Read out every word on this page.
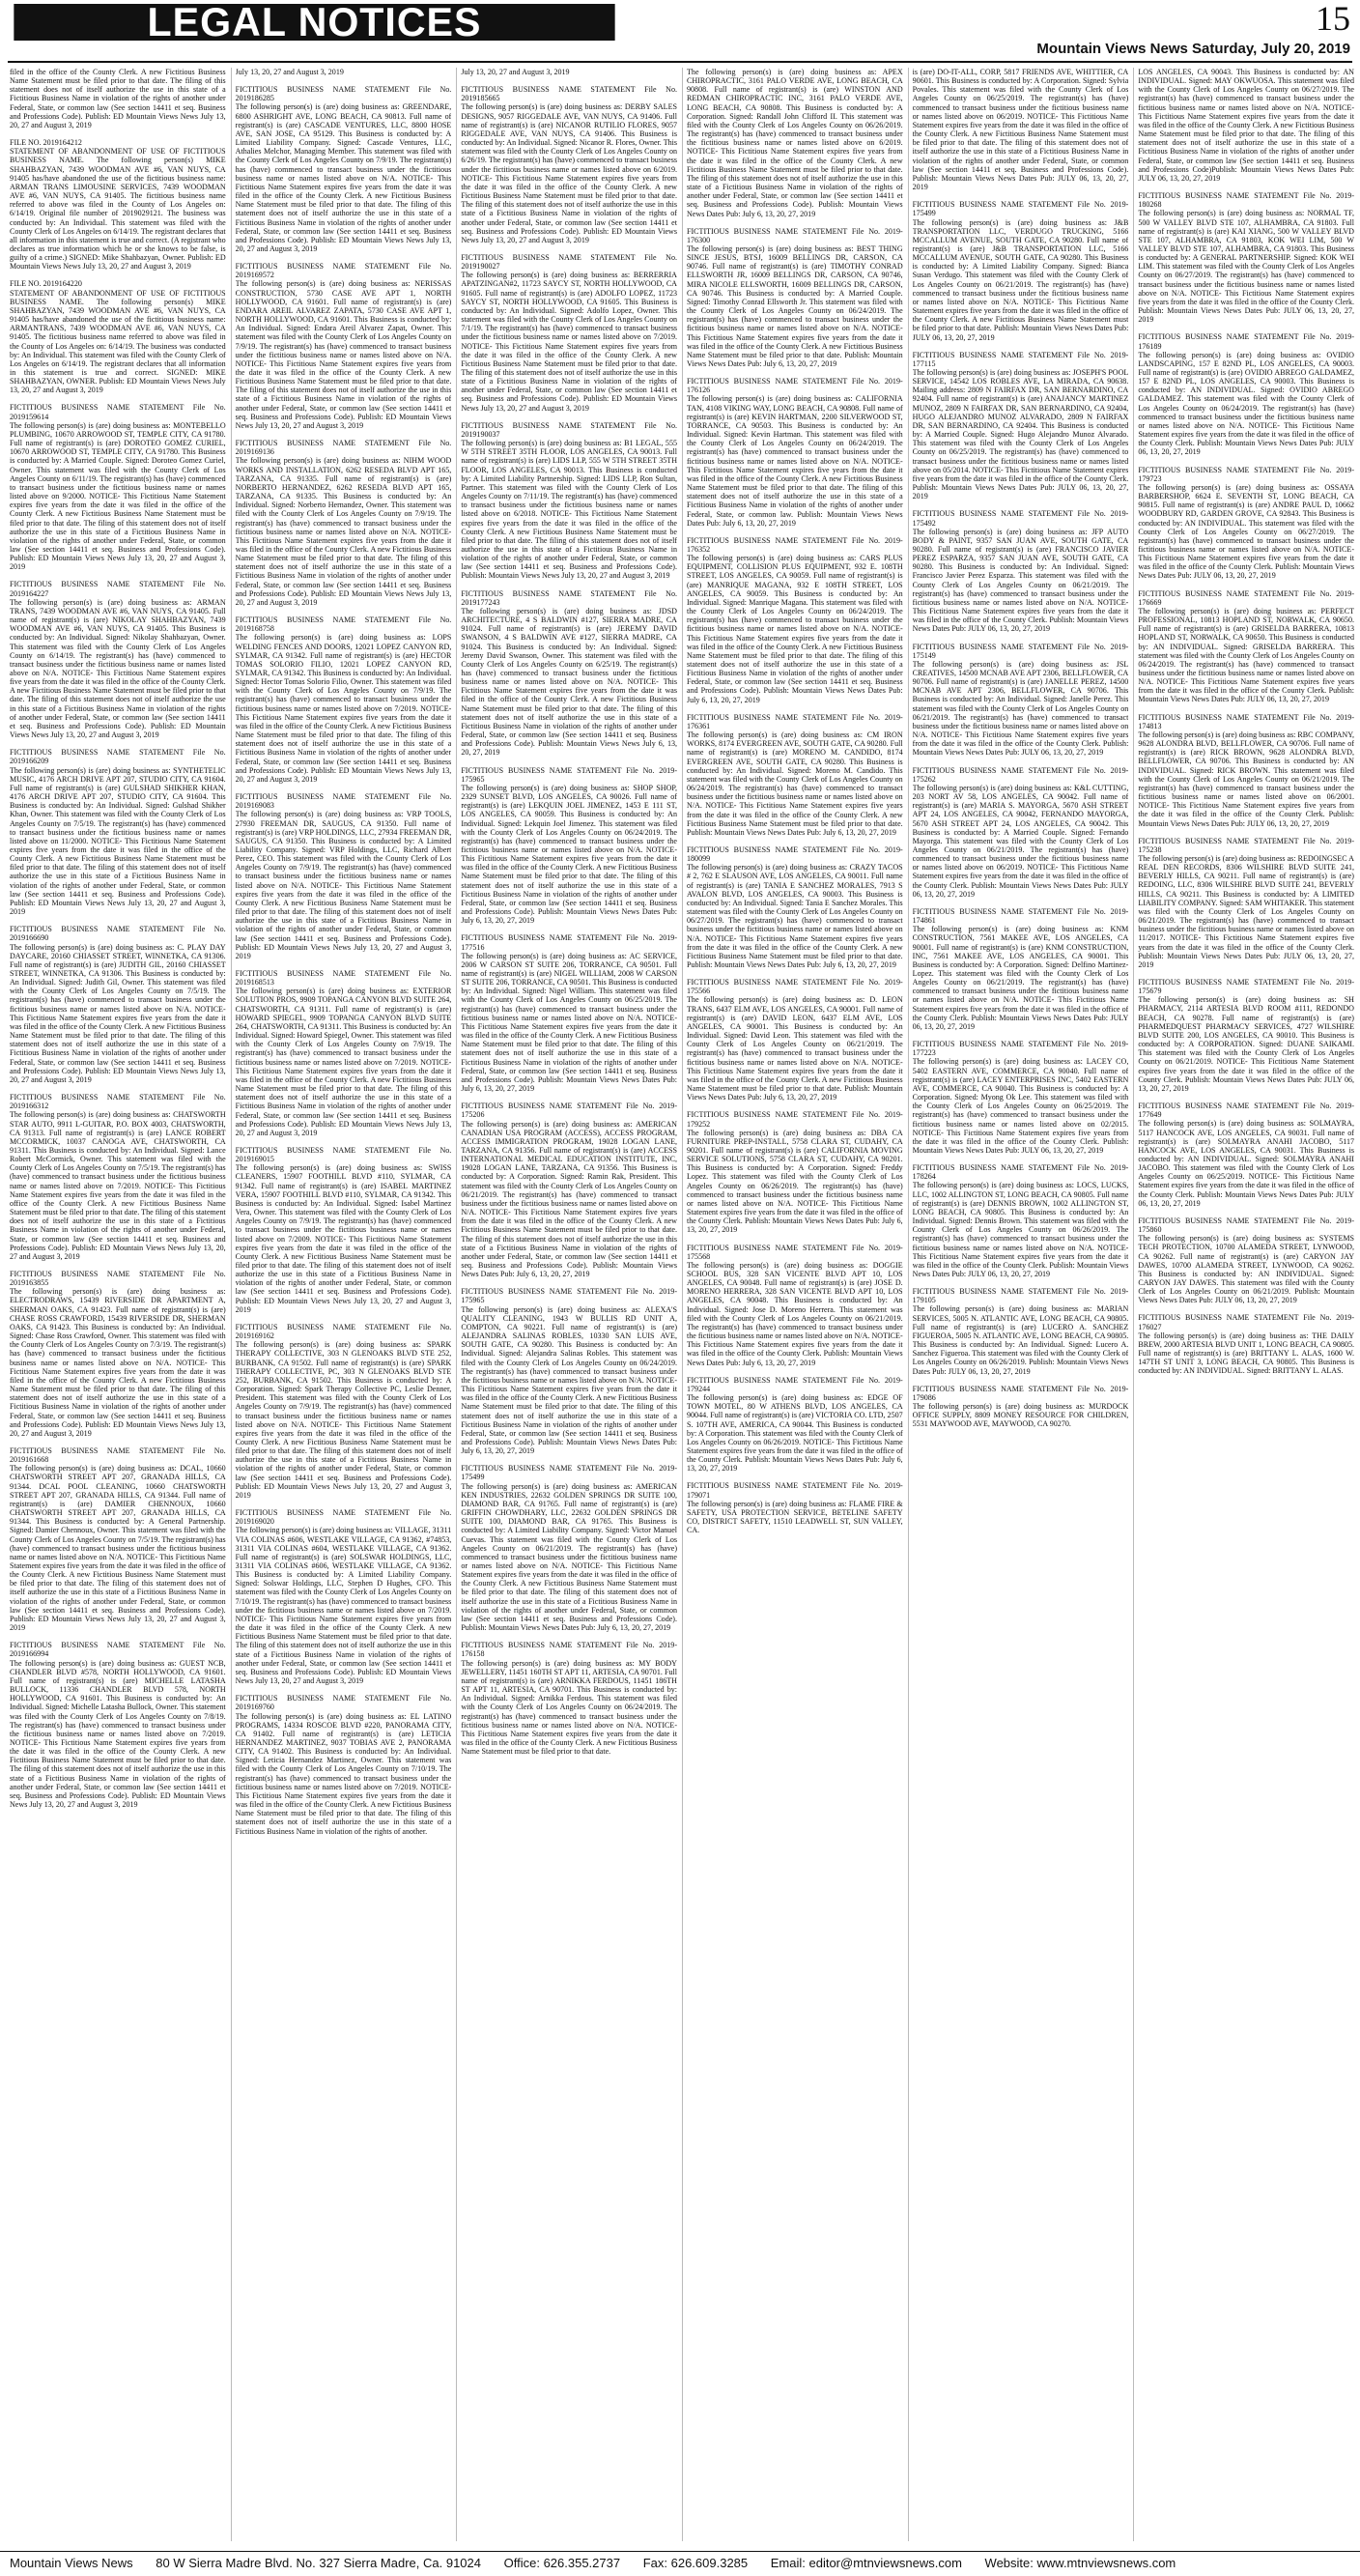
LEGAL NOTICES	15
Mountain Views News Saturday, July 20, 2019

filed in the office of the County Clerk. A new Fictitious Business Name Statement must be filed prior to that date. The filing of this statement does not of itself authorize the use in this state of a Fictitious Business Name in violation of the rights of another under Federal, State, or common law (See section 14411 et seq. Business and Professions Code). Publish: ED Mountain Views News July 13, 20, 27 and August 3, 2019

FILE NO. 2019164212

STATEMENT OF ABANDONMENT OF USE OF FICTITIOUS BUSINESS NAME. The following person(s) MIKE SHAHBAZYAN, 7439 WOODMAN AVE #6, VAN NUYS, CA 91405 has/have abandoned the use of the fictitious business name: ARMAN TRANS LIMOUSINE SERVICES, 7439 WOODMAN AVE #6, VAN NUYS, CA 91405. The fictitious business name referred to above was filed in the County of Los Angeles on: 6/14/19. Original file number of 2019029121. The business was conducted by: An Individual. This statement was filed with the County Clerk of Los Angeles on 6/14/19. The registrant declares that all information in this statement is true and correct. (A registrant who declares as true information which he or she knows to be false, is guilty of a crime.) SIGNED: Mike Shahbazyan, Owner. Publish: ED Mountain Views News July 13, 20, 27 and August 3, 2019

FILE NO. 2019164220

STATEMENT OF ABANDONMENT OF USE OF FICTITIOUS BUSINESS NAME. The following person(s) MIKE SHAHBAZYAN, 7439 WOODMAN AVE #6, VAN NUYS, CA 91405 has/have abandoned the use of the fictitious business name: ARMANTRANS, 7439 WOODMAN AVE #6, VAN NUYS, CA 91405. The fictitious business name referred to above was filed in the County of Los Angeles on: 6/14/19. The business was conducted by: An Individual. This statement was filed with the County Clerk of Los Angeles on 6/14/19. The registrant declares that all information in this statement is true and correct. SIGNED: MIKE SHAHBAZYAN, OWNER. Publish: ED Mountain Views News July 13, 20, 27 and August 3, 2019

FICTITIOUS BUSINESS NAME STATEMENT File No. 2019159614

The following person(s) is (are) doing business as: MONTEBELLO PLUMBING, 10670 ARROWOOD ST, TEMPLE CITY, CA 91780. Full name of registrant(s) is (are) DOROTEO GOMEZ CURIEL, 10670 ARROWOOD ST, TEMPLE CITY, CA 91780. This Business is conducted by: A Married Couple. Signed: Doroteo Gomez Curiel, Owner. This statement was filed with the County Clerk of Los Angeles County on 6/11/19. The registrant(s) has (have) commenced to transact business under the fictitious business name or names listed above on 9/2000. NOTICE- This Fictitious Name Statement expires five years from the date it was filed in the office of the County Clerk. A new Fictitious Business Name Statement must be filed prior to that date. The filing of this statement does not of itself authorize the use in this state of a Fictitious Business Name in violation of the rights of another under Federal, State, or common law (See section 14411 et seq. Business and Professions Code). Publish: ED Mountain Views News July 13, 20, 27 and August 3, 2019

FICTITIOUS BUSINESS NAME STATEMENT File No. 2019164227

The following person(s) is (are) doing business as: ARMAN TRANS, 7439 WOODMAN AVE #6, VAN NUYS, CA 91405. Full name of registrant(s) is (are) NIKOLAY SHAHBAZYAN, 7439 WOODMAN AVE #6, VAN NUYS, CA 91405. This Business is conducted by: An Individual. Signed: Nikolay Shahbazyan, Owner. This statement was filed with the County Clerk of Los Angeles County on 6/14/19. The registrant(s) has (have) commenced to transact business under the fictitious business name or names listed above on N/A. NOTICE- This Fictitious Name Statement expires five years from the date it was filed in the office of the County Clerk. A new Fictitious Business Name Statement must be filed prior to that date. The filing of this statement does not of itself authorize the use in this state of a Fictitious Business Name in violation of the rights of another under Federal, State, or common law (See section 14411 et seq. Business and Professions Code). Publish: ED Mountain Views News July 13, 20, 27 and August 3, 2019

FICTITIOUS BUSINESS NAME STATEMENT File No. 2019166209

The following person(s) is (are) doing business as: SYNTHETELIC MUSIC, 4176 ARCH DRIVE APT 207, STUDIO CITY, CA 91604. Full name of registrant(s) is (are) GULSHAD SHIKHER KHAN, 4176 ARCH DRIVE APT 207, STUDIO CITY, CA 91604. This Business is conducted by: An Individual. Signed: Gulshad Shikher Khan, Owner. This statement was filed with the County Clerk of Los Angeles County on 7/5/19. The registrant(s) has (have) commenced to transact business under the fictitious business name or names listed above on 11/2000. NOTICE- This Fictitious Name Statement expires five years from the date it was filed in the office of the County Clerk. A new Fictitious Business Name Statement must be filed prior to that date. The filing of this statement does not of itself authorize the use in this state of a Fictitious Business Name in violation of the rights of another under Federal, State, or common law (See section 14411 et seq. Business and Professions Code). Publish: ED Mountain Views News July 13, 20, 27 and August 3, 2019

FICTITIOUS BUSINESS NAME STATEMENT File No. 2019166690

The following person(s) is (are) doing business as: C. PLAY DAY DAYCARE, 20160 CHIASSET STREET, WINNETKA, CA 91306. Full name of registrant(s) is (are) JUDITH GIL, 20160 CHIASSET STREET, WINNETKA, CA 91306. This Business is conducted by: An Individual. Signed: Judith Gil, Owner. This statement was filed with the County Clerk of Los Angeles County on 7/5/19. The registrant(s) has (have) commenced to transact business under the fictitious business name or names listed above on N/A. NOTICE- This Fictitious Name Statement expires five years from the date it was filed in the office of the County Clerk. A new Fictitious Business Name Statement must be filed prior to that date. The filing of this statement does not of itself authorize the use in this state of a Fictitious Business Name in violation of the rights of another under Federal, State, or common law (See section 14411 et seq. Business and Professions Code). Publish: ED Mountain Views News July 13, 20, 27 and August 3, 2019

FICTITIOUS BUSINESS NAME STATEMENT File No. 2019166312

The following person(s) is (are) doing business as: CHATSWORTH STAR AUTO, 9911 L-GUITAR, P.O. BOX 4003, CHATSWORTH, CA 91313. Full name of registrant(s) is (are) LANCE ROBERT MCCORMICK, 10037 CANOGA AVE, CHATSWORTH, CA 91311. This Business is conducted by: An Individual. Signed: Lance Robert McCormick, Owner. This statement was filed with the County Clerk of Los Angeles County on 7/5/19. The registrant(s) has (have) commenced to transact business under the fictitious business name or names listed above on 7/2019. NOTICE- This Fictitious Name Statement expires five years from the date it was filed in the office of the County Clerk. A new Fictitious Business Name Statement must be filed prior to that date. The filing of this statement does not of itself authorize the use in this state of a Fictitious Business Name in violation of the rights of another under Federal, State, or common law (See section 14411 et seq. Business and Professions Code). Publish: ED Mountain Views News July 13, 20, 27 and August 3, 2019

FICTITIOUS BUSINESS NAME STATEMENT File No. 2019163855

The following person(s) is (are) doing business as: ELECTRODRAWS, 15439 RIVERSIDE DR APARTMENT A, SHERMAN OAKS, CA 91423. Full name of registrant(s) is (are) CHASE ROSS CRAWFORD, 15439 RIVERSIDE DR, SHERMAN OAKS, CA 91423. This Business is conducted by: An Individual. Signed: Chase Ross Crawford, Owner. This statement was filed with the County Clerk of Los Angeles County on 7/3/19. The registrant(s) has (have) commenced to transact business under the fictitious business name or names listed above on N/A. NOTICE- This Fictitious Name Statement expires five years from the date it was filed in the office of the County Clerk. A new Fictitious Business Name Statement must be filed prior to that date. The filing of this statement does not of itself authorize the use in this state of a Fictitious Business Name in violation of the rights of another under Federal, State, or common law (See section 14411 et seq. Business and Professions Code). Publish: ED Mountain Views News July 13, 20, 27 and August 3, 2019

FICTITIOUS BUSINESS NAME STATEMENT File No. 2019161668

The following person(s) is (are) doing business as: DCAL, 10660 CHATSWORTH STREET APT 207, GRANADA HILLS, CA 91344. DCAL POOL CLEANING, 10660 CHATSWORTH STREET APT 207, GRANADA HILLS, CA 91344. Full name of registrant(s) is (are) DAMIER CHENNOUX, 10660 CHATSWORTH STREET APT 207, GRANADA HILLS, CA 91344. This Business is conducted by: A General Partnership. Signed: Damier Chennoux, Owner. This statement was filed with the County Clerk of Los Angeles County on 7/5/19. The registrant(s) has (have) commenced to transact business under the fictitious business name or names listed above on N/A. NOTICE- This Fictitious Name Statement expires five years from the date it was filed in the office of the County Clerk. A new Fictitious Business Name Statement must be filed prior to that date. The filing of this statement does not of itself authorize the use in this state of a Fictitious Business Name in violation of the rights of another under Federal, State, or common law (See section 14411 et seq. Business and Professions Code). Publish: ED Mountain Views News July 13, 20, 27 and August 3, 2019

FICTITIOUS BUSINESS NAME STATEMENT File No. 2019166994

The following person(s) is (are) doing business as: GUEST NCB, CHANDLER BLVD #578, NORTH HOLLYWOOD, CA 91601. Full name of registrant(s) is (are) MICHELLE LATASHA BULLOCK, 11336 CHANDLER BLVD 578, NORTH HOLLYWOOD, CA 91601. This Business is conducted by: An Individual. Signed: Michelle Latasha Bullock, Owner. This statement was filed with the County Clerk of Los Angeles County on 7/8/19. The registrant(s) has (have) commenced to transact business under the fictitious business name or names listed above on 7/2019. NOTICE- This Fictitious Name Statement expires five years from the date it was filed in the office of the County Clerk. A new Fictitious Business Name Statement must be filed prior to that date. The filing of this statement does not of itself authorize the use in this state of a Fictitious Business Name in violation of the rights of another under Federal, State, or common law (See section 14411 et seq. Business and Professions Code). Publish: ED Mountain Views News July 13, 20, 27 and August 3, 2019

July 13, 20, 27 and August 3, 2019

FICTITIOUS BUSINESS NAME STATEMENT File No. 2019186285

The following person(s) is (are) doing business as: GREENDARE, 6800 ASHRIGHT AVE, LONG BEACH, CA 90813. Full name of registrant(s) is (are) CASCADE VENTURES, LLC, 8800 HOSE AVE, SAN JOSE, CA 95129. This Business is conducted by: A Limited Liability Company. Signed: Cascade Ventures, LLC, Athalies Melchor, Managing Member. This statement was filed with the County Clerk of Los Angeles County on 7/9/19. The registrant(s) has (have) commenced to transact business under the fictitious business name or names listed above on N/A. NOTICE- This Fictitious Name Statement expires five years from the date it was filed in the office of the County Clerk. A new Fictitious Business Name Statement must be filed prior to that date. The filing of this statement does not of itself authorize the use in this state of a Fictitious Business Name in violation of the rights of another under Federal, State, or common law (See section 14411 et seq. Business and Professions Code). Publish: ED Mountain Views News July 13, 20, 27 and August 3, 2019

FICTITIOUS BUSINESS NAME STATEMENT File No. 2019169572

The following person(s) is (are) doing business as: NERISSAS CONSTRUCTION, 5730 CASE AVE APT 1, NORTH HOLLYWOOD, CA 91601. Full name of registrant(s) is (are) ENDARA AREIL ALVAREZ ZAPATA, 5730 CASE AVE APT 1, NORTH HOLLYWOOD, CA 91601. This Business is conducted by: An Individual. Signed: Endara Areil Alvarez Zapat, Owner. This statement was filed with the County Clerk of Los Angeles County on 7/9/19. The registrant(s) has (have) commenced to transact business under the fictitious business name or names listed above on N/A. NOTICE- This Fictitious Name Statement expires five years from the date it was filed in the office of the County Clerk. A new Fictitious Business Name Statement must be filed prior to that date. The filing of this statement does not of itself authorize the use in this state of a Fictitious Business Name in violation of the rights of another under Federal, State, or common law (See section 14411 et seq. Business and Professions Code). Publish: ED Mountain Views News July 13, 20, 27 and August 3, 2019

FICTITIOUS BUSINESS NAME STATEMENT File No. 2019169136

The following person(s) is (are) doing business as: NIHM WOOD WORKS AND INSTALLATION, 6262 RESEDA BLVD APT 165, TARZANA, CA 91335. Full name of registrant(s) is (are) NORBERTO HERNANDEZ, 6262 RESEDA BLVD APT 165, TARZANA, CA 91335. This Business is conducted by: An Individual. Signed: Norberto Hernandez, Owner. This statement was filed with the County Clerk of Los Angeles County on 7/9/19. The registrant(s) has (have) commenced to transact business under the fictitious business name or names listed above on N/A. NOTICE- This Fictitious Name Statement expires five years from the date it was filed in the office of the County Clerk. A new Fictitious Business Name Statement must be filed prior to that date. The filing of this statement does not of itself authorize the use in this state of a Fictitious Business Name in violation of the rights of another under Federal, State, or common law (See section 14411 et seq. Business and Professions Code). Publish: ED Mountain Views News July 13, 20, 27 and August 3, 2019

FICTITIOUS BUSINESS NAME STATEMENT File No. 2019168758

The following person(s) is (are) doing business as: LOPS WELDING FENCES AND DOORS, 12021 LOPEZ CANYON RD, SYLMAR, CA 91342. Full name of registrant(s) is (are) HECTOR TOMAS SOLORIO FILIO, 12021 LOPEZ CANYON RD, SYLMAR, CA 91342. This Business is conducted by: An Individual. Signed: Hector Tomas Solorio Filio, Owner. This statement was filed with the County Clerk of Los Angeles County on 7/9/19. The registrant(s) has (have) commenced to transact business under the fictitious business name or names listed above on 7/2019. NOTICE- This Fictitious Name Statement expires five years from the date it was filed in the office of the County Clerk. A new Fictitious Business Name Statement must be filed prior to that date. The filing of this statement does not of itself authorize the use in this state of a Fictitious Business Name in violation of the rights of another under Federal, State, or common law (See section 14411 et seq. Business and Professions Code). Publish: ED Mountain Views News July 13, 20, 27 and August 3, 2019

FICTITIOUS BUSINESS NAME STATEMENT File No. 2019169083

The following person(s) is (are) doing business as: VRP TOOLS, 27930 FREEMAN DR, SAUGUS, CA 91350. Full name of registrant(s) is (are) VRP HOLDINGS, LLC, 27934 FREEMAN DR, SAUGUS, CA 91350. This Business is conducted by: A Limited Liability Company. Signed: VRP Holdings, LLC, Richard Albert Perez, CEO. This statement was filed with the County Clerk of Los Angeles County on 7/9/19. The registrant(s) has (have) commenced to transact business under the fictitious business name or names listed above on N/A. NOTICE- This Fictitious Name Statement expires five years from the date it was filed in the office of the County Clerk. A new Fictitious Business Name Statement must be filed prior to that date. The filing of this statement does not of itself authorize the use in this state of a Fictitious Business Name in violation of the rights of another under Federal, State, or common law (See section 14411 et seq. Business and Professions Code). Publish: ED Mountain Views News July 13, 20, 27 and August 3, 2019

FICTITIOUS BUSINESS NAME STATEMENT File No. 2019168513

The following person(s) is (are) doing business as: EXTERIOR SOLUTION PROS, 9909 TOPANGA CANYON BLVD SUITE 264, CHATSWORTH, CA 91311. Full name of registrant(s) is (are) HOWARD SPIEGEL, 9909 TOPANGA CANYON BLVD SUITE 264, CHATSWORTH, CA 91311. This Business is conducted by: An Individual. Signed: Howard Spiegel, Owner. This statement was filed with the County Clerk of Los Angeles County on 7/9/19. The registrant(s) has (have) commenced to transact business under the fictitious business name or names listed above on 7/2019. NOTICE- This Fictitious Name Statement expires five years from the date it was filed in the office of the County Clerk. A new Fictitious Business Name Statement must be filed prior to that date. The filing of this statement does not of itself authorize the use in this state of a Fictitious Business Name in violation of the rights of another under Federal, State, or common law (See section 14411 et seq. Business and Professions Code). Publish: ED Mountain Views News July 13, 20, 27 and August 3, 2019

FICTITIOUS BUSINESS NAME STATEMENT File No. 2019169015

The following person(s) is (are) doing business as: SWISS CLEANERS, 15907 FOOTHILL BLVD #110, SYLMAR, CA 91342. Full name of registrant(s) is (are) ISABEL MARTINEZ VERA, 15907 FOOTHILL BLVD #110, SYLMAR, CA 91342. This Business is conducted by: An Individual. Signed: Isabel Martinez Vera, Owner. This statement was filed with the County Clerk of Los Angeles County on 7/9/19. The registrant(s) has (have) commenced to transact business under the fictitious business name or names listed above on 7/2009. NOTICE- This Fictitious Name Statement expires five years from the date it was filed in the office of the County Clerk. A new Fictitious Business Name Statement must be filed prior to that date. The filing of this statement does not of itself authorize the use in this state of a Fictitious Business Name in violation of the rights of another under Federal, State, or common law (See section 14411 et seq. Business and Professions Code). Publish: ED Mountain Views News July 13, 20, 27 and August 3, 2019

FICTITIOUS BUSINESS NAME STATEMENT File No. 2019169162

The following person(s) is (are) doing business as: SPARK THERAPY COLLECTIVE, 303 N GLENOAKS BLVD STE 252, BURBANK, CA 91502. Full name of registrant(s) is (are) SPARK THERAPY COLLECTIVE, PC, 303 N GLENOAKS BLVD STE 252, BURBANK, CA 91502. This Business is conducted by: A Corporation. Signed: Spark Therapy Collective PC, Leslie Denner, President. This statement was filed with the County Clerk of Los Angeles County on 7/9/19. The registrant(s) has (have) commenced to transact business under the fictitious business name or names listed above on N/A. NOTICE- This Fictitious Name Statement expires five years from the date it was filed in the office of the County Clerk. A new Fictitious Business Name Statement must be filed prior to that date. The filing of this statement does not of itself authorize the use in this state of a Fictitious Business Name in violation of the rights of another under Federal, State, or common law (See section 14411 et seq. Business and Professions Code). Publish: ED Mountain Views News July 13, 20, 27 and August 3, 2019

FICTITIOUS BUSINESS NAME STATEMENT File No. 2019169020

The following person(s) is (are) doing business as: VILLAGE, 31311 VIA COLINAS #606, WESTLAKE VILLAGE, CA 91362, #74853, 31311 VIA COLINAS #604, WESTLAKE VILLAGE, CA 91362. Full name of registrant(s) is (are) SOLSWAR HOLDINGS, LLC, 31311 VIA COLINAS #606, WESTLAKE VILLAGE, CA 91362. This Business is conducted by: A Limited Liability Company. Signed: Solswar Holdings, LLC, Stephen D Hughes, CFO. This statement was filed with the County Clerk of Los Angeles County on 7/10/19. The registrant(s) has (have) commenced to transact business under the fictitious business name or names listed above on 7/2019. NOTICE- This Fictitious Name Statement expires five years from the date it was filed in the office of the County Clerk. A new Fictitious Business Name Statement must be filed prior to that date. The filing of this statement does not of itself authorize the use in this state of a Fictitious Business Name in violation of the rights of another under Federal, State, or common law (See section 14411 et seq. Business and Professions Code). Publish: ED Mountain Views News July 13, 20, 27 and August 3, 2019

FICTITIOUS BUSINESS NAME STATEMENT File No. 2019169760

The following person(s) is (are) doing business as: EL LATINO PROGRAMS, 14334 ROSCOE BLVD #220, PANORAMA CITY, CA 91402. Full name of registrant(s) is (are) LETICIA HERNANDEZ MARTINEZ, 9037 TOBIAS AVE 2, PANORAMA CITY, CA 91402. This Business is conducted by: An Individual. Signed: Leticia Hernandez Martinez, Owner. This statement was filed with the County Clerk of Los Angeles County on 7/10/19. The registrant(s) has (have) commenced to transact business under the fictitious business name or names listed above on 7/2019. NOTICE- This Fictitious Name Statement expires five years from the date it was filed in the office of the County Clerk. A new Fictitious Business Name Statement must be filed prior to that date. The filing of this statement does not of itself authorize the use in this state of a Fictitious Business Name in violation of the rights of another.

July 13, 20, 27 and August 3, 2019

FICTITIOUS BUSINESS NAME STATEMENT File No. 2019185665

The following person(s) is (are) doing business as: DERBY SALES DESIGNS, 9057 RIGGEDALE AVE, VAN NUYS, CA 91406. Full name of registrant(s) is (are) NICANOR RUTILIO FLORES, 9057 RIGGEDALE AVE, VAN NUYS, CA 91406. This Business is conducted by: An Individual. Signed: Nicanor R. Flores, Owner. This statement was filed with the County Clerk of Los Angeles County on 6/26/19. The registrant(s) has (have) commenced to transact business under the fictitious business name or names listed above on 6/2019. NOTICE- This Fictitious Name Statement expires five years from the date it was filed in the office of the County Clerk. A new Fictitious Business Name Statement must be filed prior to that date. The filing of this statement does not of itself authorize the use in this state of a Fictitious Business Name in violation of the rights of another under Federal, State, or common law (See section 14411 et seq. Business and Professions Code). Publish: ED Mountain Views News July 13, 20, 27 and August 3, 2019

FICTITIOUS BUSINESS NAME STATEMENT File No. 2019190027

The following person(s) is (are) doing business as: BERRERRIA APATZINGAN#2, 11723 SAYCY ST, NORTH HOLLYWOOD, CA 91605. Full name of registrant(s) is (are) ADOLFO LOPEZ, 11723 SAYCY ST, NORTH HOLLYWOOD, CA 91605. This Business is conducted by: An Individual. Signed: Adolfo Lopez, Owner. This statement was filed with the County Clerk of Los Angeles County on 7/1/19. The registrant(s) has (have) commenced to transact business under the fictitious business name or names listed above on 7/2019. NOTICE- This Fictitious Name Statement expires five years from the date it was filed in the office of the County Clerk. A new Fictitious Business Name Statement must be filed prior to that date. The filing of this statement does not of itself authorize the use in this state of a Fictitious Business Name in violation of the rights of another under Federal, State, or common law (See section 14411 et seq. Business and Professions Code). Publish: ED Mountain Views News July 13, 20, 27 and August 3, 2019

FICTITIOUS BUSINESS NAME STATEMENT File No. 2019190037

The following person(s) is (are) doing business as: B1 LEGAL, 555 W 5TH STREET 35TH FLOOR, LOS ANGELES, CA 90013. Full name of registrant(s) is (are) LIDS LLP, 555 W 5TH STREET 35TH FLOOR, LOS ANGELES, CA 90013. This Business is conducted by: A Limited Liability Partnership. Signed: LIDS LLP, Ron Sultan, Partner. This statement was filed with the County Clerk of Los Angeles County on 7/11/19. The registrant(s) has (have) commenced to transact business under the fictitious business name or names listed above on 6/2018. NOTICE- This Fictitious Name Statement expires five years from the date it was filed in the office of the County Clerk. A new Fictitious Business Name Statement must be filed prior to that date. The filing of this statement does not of itself authorize the use in this state of a Fictitious Business Name in violation of the rights of another under Federal, State, or common law (See section 14411 et seq. Business and Professions Code). Publish: Mountain Views News July 13, 20, 27 and August 3, 2019

FICTITIOUS BUSINESS NAME STATEMENT File No. 2019177243

The following person(s) is (are) doing business as: JDSD ARCHITECTURE, 4 S BALDWIN #127, SIERRA MADRE, CA 91024. Full name of registrant(s) is (are) JEREMY DAVID SWANSON, 4 S BALDWIN AVE #127, SIERRA MADRE, CA 91024. This Business is conducted by: An Individual. Signed: Jeremy David Swanson, Owner. This statement was filed with the County Clerk of Los Angeles County on 6/25/19. The registrant(s) has (have) commenced to transact business under the fictitious business name or names listed above on N/A. NOTICE- This Fictitious Name Statement expires five years from the date it was filed in the office of the County Clerk. A new Fictitious Business Name Statement must be filed prior to that date. The filing of this statement does not of itself authorize the use in this state of a Fictitious Business Name in violation of the rights of another under Federal, State, or common law (See section 14411 et seq. Business and Professions Code). Publish: Mountain Views News July 6, 13, 20, 27, 2019

FICTITIOUS BUSINESS NAME STATEMENT File No. 2019-175965

The following person(s) is (are) doing business as: SHOP SHOP, 2329 SUNSET BLVD, LOS ANGELES, CA 90026. Full name of registrant(s) is (are) LEKQUIN JOEL JIMENEZ, 1453 E 111 ST, LOS ANGELES, CA 90059. This Business is conducted by: An Individual. Signed: Lekquin Joel Jimenez. This statement was filed with the County Clerk of Los Angeles County on 06/24/2019. The registrant(s) has (have) commenced to transact business under the fictitious business name or names listed above on N/A. NOTICE- This Fictitious Name Statement expires five years from the date it was filed in the office of the County Clerk. A new Fictitious Business Name Statement must be filed prior to that date. The filing of this statement does not of itself authorize the use in this state of a Fictitious Business Name in violation of the rights of another under Federal, State, or common law (See section 14411 et seq. Business and Professions Code). Publish: Mountain Views News Dates Pub: July 6, 13, 20, 27, 2019

FICTITIOUS BUSINESS NAME STATEMENT File No. 2019-177516

The following person(s) is (are) doing business as: AC SERVICE, 2006 W CARSON ST SUITE 206, TORRANCE, CA 90501. Full name of registrant(s) is (are) NIGEL WILLIAM, 2008 W CARSON ST SUITE 206, TORRANCE, CA 90501. This Business is conducted by: An Individual. Signed: Nigel William. This statement was filed with the County Clerk of Los Angeles County on 06/25/2019. The registrant(s) has (have) commenced to transact business under the fictitious business name or names listed above on N/A. NOTICE- This Fictitious Name Statement expires five years from the date it was filed in the office of the County Clerk. A new Fictitious Business Name Statement must be filed prior to that date. The filing of this statement does not of itself authorize the use in this state of a Fictitious Business Name in violation of the rights of another under Federal, State, or common law (See section 14411 et seq. Business and Professions Code). Publish: Mountain Views News Dates Pub: July 6, 13, 20, 27, 2019

FICTITIOUS BUSINESS NAME STATEMENT File No. 2019-175206

The following person(s) is (are) doing business as: AMERICAN CANADIAN USA PROGRAM (ACCESS), ACCESS PROGRAM, ACCESS IMMIGRATION PROGRAM, 19028 LOGAN LANE, TARZANA, CA 91356. Full name of registrant(s) is (are) ACCESS INTERNATIONAL MEDICAL EDUCATION INSTITUTE, INC, 19028 LOGAN LANE, TARZANA, CA 91356. This Business is conducted by: A Corporation. Signed: Ramin Rak, President. This statement was filed with the County Clerk of Los Angeles County on 06/21/2019. The registrant(s) has (have) commenced to transact business under the fictitious business name or names listed above on N/A. NOTICE- This Fictitious Name Statement expires five years from the date it was filed in the office of the County Clerk. A new Fictitious Business Name Statement must be filed prior to that date. The filing of this statement does not of itself authorize the use in this state of a Fictitious Business Name in violation of the rights of another under Federal, State, or common law (See section 14411 et seq. Business and Professions Code). Publish: Mountain Views News Dates Pub: July 6, 13, 20, 27, 2019

FICTITIOUS BUSINESS NAME STATEMENT File No. 2019-175965

The following person(s) is (are) doing business as: ALEXA'S QUALITY CLEANING, 1943 W BULLIS RD UNIT A, COMPTON, CA 90221. Full name of registrant(s) is (are) ALEJANDRA SALINAS ROBLES, 10330 SAN LUIS AVE, SOUTH GATE, CA 90280. This Business is conducted by: An Individual. Signed: Alejandra Salinas Robles. This statement was filed with the County Clerk of Los Angeles County on 06/24/2019. The registrant(s) has (have) commenced to transact business under the fictitious business name or names listed above on N/A. NOTICE- This Fictitious Name Statement expires five years from the date it was filed in the office of the County Clerk. A new Fictitious Business Name Statement must be filed prior to that date. The filing of this statement does not of itself authorize the use in this state of a Fictitious Business Name in violation of the rights of another under Federal, State, or common law (See section 14411 et seq. Business and Professions Code). Publish: Mountain Views News Dates Pub: July 6, 13, 20, 27, 2019

FICTITIOUS BUSINESS NAME STATEMENT File No. 2019-175499

The following person(s) is (are) doing business as: AMERICAN KEN INDUSTRIES, 22632 GOLDEN SPRINGS DR SUITE 100, DIAMOND BAR, CA 91765. Full name of registrant(s) is (are) GRIFFIN CHOWDHARY, LLC, 22632 GOLDEN SPRINGS DR SUITE 100, DIAMOND BAR, CA 91765. This Business is conducted by: A Limited Liability Company. Signed: Victor Manuel Cuevas. This statement was filed with the County Clerk of Los Angeles County on 06/21/2019. The registrant(s) has (have) commenced to transact business under the fictitious business name or names listed above on N/A. NOTICE- This Fictitious Name Statement expires five years from the date it was filed in the office of the County Clerk. A new Fictitious Business Name Statement must be filed prior to that date. The filing of this statement does not of itself authorize the use in this state of a Fictitious Business Name in violation of the rights of another under Federal, State, or common law (See section 14411 et seq. Business and Professions Code). Publish: Mountain Views News Dates Pub: July 6, 13, 20, 27, 2019

FICTITIOUS BUSINESS NAME STATEMENT File No. 2019-176158

The following person(s) is (are) doing business as: MY BODY JEWELLERY, 11451 160TH ST APT 11, ARTESIA, CA 90701. Full name of registrant(s) is (are) ARNIKKA FERDOUS, 11451 186TH ST APT 11, ARTESIA, CA 90701. This Business is conducted by: An Individual. Signed: Arnikka Ferdous. This statement was filed with the County Clerk of Los Angeles County on 06/24/2019. The registrant(s) has (have) commenced to transact business under the fictitious business name or names listed above on N/A. NOTICE- This Fictitious Name Statement expires five years from the date it was filed in the office of the County Clerk. A new Fictitious Business Name Statement must be filed prior to that date.

The following person(s) is (are) doing business as: APEX CHIROPRACTIC, 3161 PALO VERDE AVE, LONG BEACH, CA 90808. Full name of registrant(s) is (are) WINSTON AND REDMAN CHIROPRACTIC INC, 3161 PALO VERDE AVE, LONG BEACH, CA 90808. This Business is conducted by: A Corporation. Signed: Randall John Clifford II. This statement was filed with the County Clerk of Los Angeles County on 06/26/2019. The registrant(s) has (have) commenced to transact business under the fictitious business name or names listed above on 6/2019. NOTICE- This Fictitious Name Statement expires five years from the date it was filed in the office of the County Clerk. A new Fictitious Business Name Statement must be filed prior to that date. The filing of this statement does not of itself authorize the use in this state of a Fictitious Business Name in violation of the rights of another under Federal, State, or common law (See section 14411 et seq. Business and Professions Code). Publish: Mountain Views News Dates Pub: July 6, 13, 20, 27, 2019

FICTITIOUS BUSINESS NAME STATEMENT File No. 2019-176300

The following person(s) is (are) doing business as: BEST THING SINCE JESUS, BTSJ, 16009 BELLINGS DR, CARSON, CA 90746. Full name of registrant(s) is (are) TIMOTHY CONRAD ELLSWORTH JR, 16009 BELLINGS DR, CARSON, CA 90746, MIRA NICOLE ELLSWORTH, 16009 BELLINGS DR, CARSON, CA 90746. This Business is conducted by: A Married Couple. Signed: Timothy Conrad Ellsworth Jr. This statement was filed with the County Clerk of Los Angeles County on 06/24/2019. The registrant(s) has (have) commenced to transact business under the fictitious business name or names listed above on N/A. NOTICE- This Fictitious Name Statement expires five years from the date it was filed in the office of the County Clerk. A new Fictitious Business Name Statement must be filed prior to that date. Publish: Mountain Views News Dates Pub: July 6, 13, 20, 27, 2019

FICTITIOUS BUSINESS NAME STATEMENT File No. 2019-176126

The following person(s) is (are) doing business as: CALIFORNIA TAN, 4108 VIKING WAY, LONG BEACH, CA 90808. Full name of registrant(s) is (are) KEVIN HARTMAN, 2200 SILVERWOOD ST, TORRANCE, CA 90503. This Business is conducted by: An Individual. Signed: Kevin Hartman. This statement was filed with the County Clerk of Los Angeles County on 06/24/2019. The registrant(s) has (have) commenced to transact business under the fictitious business name or names listed above on N/A. NOTICE- This Fictitious Name Statement expires five years from the date it was filed in the office of the County Clerk. A new Fictitious Business Name Statement must be filed prior to that date. The filing of this statement does not of itself authorize the use in this state of a Fictitious Business Name in violation of the rights of another under Federal, State, or common law. Publish: Mountain Views News Dates Pub: July 6, 13, 20, 27, 2019

FICTITIOUS BUSINESS NAME STATEMENT File No. 2019-176352

The following person(s) is (are) doing business as: CARS PLUS EQUIPMENT, COLLISION PLUS EQUIPMENT, 932 E. 108TH STREET, LOS ANGELES, CA 90059. Full name of registrant(s) is (are) MANRIQUE MAGANA, 932 E 108TH STREET, LOS ANGELES, CA 90059. This Business is conducted by: An Individual. Signed: Manrique Magana. This statement was filed with the County Clerk of Los Angeles County on 06/24/2019. The registrant(s) has (have) commenced to transact business under the fictitious business name or names listed above on N/A. NOTICE- This Fictitious Name Statement expires five years from the date it was filed in the office of the County Clerk. A new Fictitious Business Name Statement must be filed prior to that date. The filing of this statement does not of itself authorize the use in this state of a Fictitious Business Name in violation of the rights of another under Federal, State, or common law (See section 14411 et seq. Business and Professions Code). Publish: Mountain Views News Dates Pub: July 6, 13, 20, 27, 2019

FICTITIOUS BUSINESS NAME STATEMENT File No. 2019-176361

The following person(s) is (are) doing business as: CM IRON WORKS, 8174 EVERGREEN AVE, SOUTH GATE, CA 90280. Full name of registrant(s) is (are) MORENO M. CANDIDO, 8174 EVERGREEN AVE, SOUTH GATE, CA 90280. This Business is conducted by: An Individual. Signed: Moreno M. Candido. This statement was filed with the County Clerk of Los Angeles County on 06/24/2019. The registrant(s) has (have) commenced to transact business under the fictitious business name or names listed above on N/A. NOTICE- This Fictitious Name Statement expires five years from the date it was filed in the office of the County Clerk. A new Fictitious Business Name Statement must be filed prior to that date. Publish: Mountain Views News Dates Pub: July 6, 13, 20, 27, 2019

FICTITIOUS BUSINESS NAME STATEMENT File No. 2019-180099

The following person(s) is (are) doing business as: CRAZY TACOS # 2, 762 E SLAUSON AVE, LOS ANGELES, CA 90011. Full name of registrant(s) is (are) TANIA E SANCHEZ MORALES, 7913 S AVALON BLVD, LOS ANGELES, CA 90003. This Business is conducted by: An Individual. Signed: Tania E Sanchez Morales. This statement was filed with the County Clerk of Los Angeles County on 06/27/2019. The registrant(s) has (have) commenced to transact business under the fictitious business name or names listed above on N/A. NOTICE- This Fictitious Name Statement expires five years from the date it was filed in the office of the County Clerk. A new Fictitious Business Name Statement must be filed prior to that date. Publish: Mountain Views News Dates Pub: July 6, 13, 20, 27, 2019

FICTITIOUS BUSINESS NAME STATEMENT File No. 2019-175566

The following person(s) is (are) doing business as: D. LEON TRANS, 6437 ELM AVE, LOS ANGELES, CA 90001. Full name of registrant(s) is (are) DAVID LEON, 6437 ELM AVE, LOS ANGELES, CA 90001. This Business is conducted by: An Individual. Signed: David Leon. This statement was filed with the County Clerk of Los Angeles County on 06/21/2019. The registrant(s) has (have) commenced to transact business under the fictitious business name or names listed above on N/A. NOTICE- This Fictitious Name Statement expires five years from the date it was filed in the office of the County Clerk. A new Fictitious Business Name Statement must be filed prior to that date. Publish: Mountain Views News Dates Pub: July 6, 13, 20, 27, 2019

FICTITIOUS BUSINESS NAME STATEMENT File No. 2019-179252

The following person(s) is (are) doing business as: DBA CA FURNITURE PREP-INSTALL, 5758 CLARA ST, CUDAHY, CA 90201. Full name of registrant(s) is (are) CALIFORNIA MOVING SERVICE SOLUTIONS, 5758 CLARA ST, CUDAHY, CA 90201. This Business is conducted by: A Corporation. Signed: Freddy Lopez. This statement was filed with the County Clerk of Los Angeles County on 06/26/2019. The registrant(s) has (have) commenced to transact business under the fictitious business name or names listed above on N/A. NOTICE- This Fictitious Name Statement expires five years from the date it was filed in the office of the County Clerk. Publish: Mountain Views News Dates Pub: July 6, 13, 20, 27, 2019

FICTITIOUS BUSINESS NAME STATEMENT File No. 2019-175568

The following person(s) is (are) doing business as: DOGGIE SCHOOL BUS, 328 SAN VICENTE BLVD APT 10, LOS ANGELES, CA 90048. Full name of registrant(s) is (are) JOSE D. MORENO HERRERA, 328 SAN VICENTE BLVD APT 10, LOS ANGELES, CA 90048. This Business is conducted by: An Individual. Signed: Jose D. Moreno Herrera. This statement was filed with the County Clerk of Los Angeles County on 06/21/2019. The registrant(s) has (have) commenced to transact business under the fictitious business name or names listed above on N/A. NOTICE- This Fictitious Name Statement expires five years from the date it was filed in the office of the County Clerk. Publish: Mountain Views News Dates Pub: July 6, 13, 20, 27, 2019

FICTITIOUS BUSINESS NAME STATEMENT File No. 2019-179244

The following person(s) is (are) doing business as: EDGE OF TOWN MOTEL, 80 W ATHENS BLVD, LOS ANGELES, CA 90044. Full name of registrant(s) is (are) VICTORIA CO. LTD, 2507 S. 107TH AVE, AMERICA, CA 90044. This Business is conducted by: A Corporation. This statement was filed with the County Clerk of Los Angeles County on 06/26/2019. NOTICE- This Fictitious Name Statement expires five years from the date it was filed in the office of the County Clerk. Publish: Mountain Views News Dates Pub: July 6, 13, 20, 27, 2019

FICTITIOUS BUSINESS NAME STATEMENT File No. 2019-179071

The following person(s) is (are) doing business as: FLAME FIRE & SAFETY, USA PROTECTION SERVICE, BETELINE SAFETY CO, DISTRICT SAFETY, 11510 LEADWELL ST, SUN VALLEY, CA.

is (are) DO-IT-ALL, CORP, 5817 FRIENDS AVE, WHITTIER, CA 90601. This Business is conducted by: A Corporation. Signed: Sylvia Povales. This statement was filed with the County Clerk of Los Angeles County on 06/25/2019. The registrant(s) has (have) commenced to transact business under the fictitious business name or names listed above on 06/2019. NOTICE- This Fictitious Name Statement expires five years from the date it was filed in the office of the County Clerk. A new Fictitious Business Name Statement must be filed prior to that date. The filing of this statement does not of itself authorize the use in this state of a Fictitious Business Name in violation of the rights of another under Federal, State, or common law (See section 14411 et seq. Business and Professions Code). Publish: Mountain Views News Dates Pub: JULY 06, 13, 20, 27, 2019

FICTITIOUS BUSINESS NAME STATEMENT File No. 2019-175499

The following person(s) is (are) doing business as: J&B TRANSPORTATION LLC, VERDUGO TRUCKING, 5166 MCCALLUM AVENUE, SOUTH GATE, CA 90280. Full name of registrant(s) is (are) J&B TRANSPORTATION LLC, 5166 MCCALLUM AVENUE, SOUTH GATE, CA 90280. This Business is conducted by: A Limited Liability Company. Signed: Bianca Susan Verdugo. This statement was filed with the County Clerk of Los Angeles County on 06/21/2019. The registrant(s) has (have) commenced to transact business under the fictitious business name or names listed above on N/A. NOTICE- This Fictitious Name Statement expires five years from the date it was filed in the office of the County Clerk. A new Fictitious Business Name Statement must be filed prior to that date. Publish: Mountain Views News Dates Pub: JULY 06, 13, 20, 27, 2019

FICTITIOUS BUSINESS NAME STATEMENT File No. 2019-177115

The following person(s) is (are) doing business as: JOSEPH'S POOL SERVICE, 14542 LOS ROBLES AVE, LA MIRADA, CA 90638. Mailing address: 2809 N FAIRFAX DR, SAN BERNARDINO, CA 92404. Full name of registrant(s) is (are) ANAJANCY MARTINEZ MUNOZ, 2809 N FAIRFAX DR, SAN BERNARDINO, CA 92404, HUGO ALEJANDRO MUNOZ ALVARADO, 2809 N FAIRFAX DR, SAN BERNARDINO, CA 92404. This Business is conducted by: A Married Couple. Signed: Hugo Alejandro Munoz Alvarado. This statement was filed with the County Clerk of Los Angeles County on 06/25/2019. The registrant(s) has (have) commenced to transact business under the fictitious business name or names listed above on 05/2014. NOTICE- This Fictitious Name Statement expires five years from the date it was filed in the office of the County Clerk. Publish: Mountain Views News Dates Pub: JULY 06, 13, 20, 27, 2019

FICTITIOUS BUSINESS NAME STATEMENT File No. 2019-175492

The following person(s) is (are) doing business as: JFP AUTO BODY & PAINT, 9357 SAN JUAN AVE, SOUTH GATE, CA 90280. Full name of registrant(s) is (are) FRANCISCO JAVIER PEREZ ESPARZA, 9357 SAN JUAN AVE, SOUTH GATE, CA 90280. This Business is conducted by: An Individual. Signed: Francisco Javier Perez Esparza. This statement was filed with the County Clerk of Los Angeles County on 06/21/2019. The registrant(s) has (have) commenced to transact business under the fictitious business name or names listed above on N/A. NOTICE- This Fictitious Name Statement expires five years from the date it was filed in the office of the County Clerk. Publish: Mountain Views News Dates Pub: JULY 06, 13, 20, 27, 2019

FICTITIOUS BUSINESS NAME STATEMENT File No. 2019-175149

The following person(s) is (are) doing business as: JSL CREATIVES, 14500 MCNAB AVE APT 2306, BELLFLOWER, CA 90706. Full name of registrant(s) is (are) JANELLE PEREZ, 14500 MCNAB AVE APT 2306, BELLFLOWER, CA 90706. This Business is conducted by: An Individual. Signed: Janelle Perez. This statement was filed with the County Clerk of Los Angeles County on 06/21/2019. The registrant(s) has (have) commenced to transact business under the fictitious business name or names listed above on N/A. NOTICE- This Fictitious Name Statement expires five years from the date it was filed in the office of the County Clerk. Publish: Mountain Views News Dates Pub: JULY 06, 13, 20, 27, 2019

FICTITIOUS BUSINESS NAME STATEMENT File No. 2019-175262

The following person(s) is (are) doing business as: K&L CUTTING, 203 NORT AV 58, LOS ANGELES, CA 90042. Full name of registrant(s) is (are) MARIA S. MAYORGA, 5670 ASH STREET APT 24, LOS ANGELES, CA 90042, FERNANDO MAYORGA, 5670 ASH STREET APT 24, LOS ANGELES, CA 90042. This Business is conducted by: A Married Couple. Signed: Fernando Mayorga. This statement was filed with the County Clerk of Los Angeles County on 06/21/2019. The registrant(s) has (have) commenced to transact business under the fictitious business name or names listed above on 06/2019. NOTICE- This Fictitious Name Statement expires five years from the date it was filed in the office of the County Clerk. Publish: Mountain Views News Dates Pub: JULY 06, 13, 20, 27, 2019

FICTITIOUS BUSINESS NAME STATEMENT File No. 2019-174861

The following person(s) is (are) doing business as: KNM CONSTRUCTION, 7561 MAKEE AVE, LOS ANGELES, CA 90001. Full name of registrant(s) is (are) KNM CONSTRUCTION, INC, 7561 MAKEE AVE, LOS ANGELES, CA 90001. This Business is conducted by: A Corporation. Signed: Delfino Martinez-Lopez. This statement was filed with the County Clerk of Los Angeles County on 06/21/2019. The registrant(s) has (have) commenced to transact business under the fictitious business name or names listed above on N/A. NOTICE- This Fictitious Name Statement expires five years from the date it was filed in the office of the County Clerk. Publish: Mountain Views News Dates Pub: JULY 06, 13, 20, 27, 2019

FICTITIOUS BUSINESS NAME STATEMENT File No. 2019-177223

The following person(s) is (are) doing business as: LACEY CO, 5402 EASTERN AVE, COMMERCE, CA 90040. Full name of registrant(s) is (are) LACEY ENTERPRISES INC, 5402 EASTERN AVE, COMMERCE, CA 90040. This Business is conducted by: A Corporation. Signed: Myong Ok Lee. This statement was filed with the County Clerk of Los Angeles County on 06/25/2019. The registrant(s) has (have) commenced to transact business under the fictitious business name or names listed above on 02/2015. NOTICE- This Fictitious Name Statement expires five years from the date it was filed in the office of the County Clerk. Publish: Mountain Views News Dates Pub: JULY 06, 13, 20, 27, 2019

FICTITIOUS BUSINESS NAME STATEMENT File No. 2019-178264

The following person(s) is (are) doing business as: LOCS, LUCKS, LLC, 1002 ALLINGTON ST, LONG BEACH, CA 90805. Full name of registrant(s) is (are) DENNIS BROWN, 1002 ALLINGTON ST, LONG BEACH, CA 90805. This Business is conducted by: An Individual. Signed: Dennis Brown. This statement was filed with the County Clerk of Los Angeles County on 06/26/2019. The registrant(s) has (have) commenced to transact business under the fictitious business name or names listed above on N/A. NOTICE- This Fictitious Name Statement expires five years from the date it was filed in the office of the County Clerk. Publish: Mountain Views News Dates Pub: JULY 06, 13, 20, 27, 2019

FICTITIOUS BUSINESS NAME STATEMENT File No. 2019-179105

The following person(s) is (are) doing business as: MARIAN SERVICES, 5005 N. ATLANTIC AVE, LONG BEACH, CA 90805. Full name of registrant(s) is (are) LUCERO A. SANCHEZ FIGUEROA, 5005 N. ATLANTIC AVE, LONG BEACH, CA 90805. This Business is conducted by: An Individual. Signed: Lucero A. Sanchez Figueroa. This statement was filed with the County Clerk of Los Angeles County on 06/26/2019. Publish: Mountain Views News Dates Pub: JULY 06, 13, 20, 27, 2019

FICTITIOUS BUSINESS NAME STATEMENT File No. 2019-179086

The following person(s) is (are) doing business as: MURDOCK OFFICE SUPPLY, 8809 MONEY RESOURCE FOR CHILDREN, 5531 MAYWOOD AVE, MAYWOOD, CA 90270.

LOS ANGELES, CA 90043. This Business is conducted by: AN INDIVIDUAL. Signed: MAY OKWUOSA. This statement was filed with the County Clerk of Los Angeles County on 06/27/2019. The registrant(s) has (have) commenced to transact business under the fictitious business name or names listed above on N/A. NOTICE- This Fictitious Name Statement expires five years from the date it was filed in the office of the County Clerk. A new Fictitious Business Name Statement must be filed prior to that date. The filing of this statement does not of itself authorize the use in this state of a Fictitious Business Name in violation of the rights of another under Federal, State, or common law (See section 14411 et seq. Business and Professions Code)Publish: Mountain Views News Dates Pub: JULY 06, 13, 20, 27, 2019

FICTITIOUS BUSINESS NAME STATEMENT File No. 2019-180268

The following person(s) is (are) doing business as: NORMAL TF, 500 W VALLEY BLVD STE 107, ALHAMBRA, CA 91803. Full name of registrant(s) is (are) KAI XIANG, 500 W VALLEY BLVD STE 107, ALHAMBRA, CA 91803, KOK WEI LIM, 500 W VALLEY BLVD STE 107, ALHAMBRA, CA 91803. This Business is conducted by: A GENERAL PARTNERSHIP. Signed: KOK WEI LIM. This statement was filed with the County Clerk of Los Angeles County on 06/27/2019. The registrant(s) has (have) commenced to transact business under the fictitious business name or names listed above on N/A. NOTICE- This Fictitious Name Statement expires five years from the date it was filed in the office of the County Clerk. Publish: Mountain Views News Dates Pub: JULY 06, 13, 20, 27, 2019

FICTITIOUS BUSINESS NAME STATEMENT File No. 2019-176189

The following person(s) is (are) doing business as: OVIDIO LANDSCAPING, 157 E 82ND PL, LOS ANGELES, CA 90003. Full name of registrant(s) is (are) OVIDIO ABREGO GALDAMEZ, 157 E 82ND PL, LOS ANGELES, CA 90003. This Business is conducted by: AN INDIVIDUAL. Signed: OVIDIO ABREGO GALDAMEZ. This statement was filed with the County Clerk of Los Angeles County on 06/24/2019. The registrant(s) has (have) commenced to transact business under the fictitious business name or names listed above on N/A. NOTICE- This Fictitious Name Statement expires five years from the date it was filed in the office of the County Clerk. Publish: Mountain Views News Dates Pub: JULY 06, 13, 20, 27, 2019

FICTITIOUS BUSINESS NAME STATEMENT File No. 2019-179723

The following person(s) is (are) doing business as: OSSAYA BARBERSHOP, 6624 E. SEVENTH ST, LONG BEACH, CA 90815. Full name of registrant(s) is (are) ANDRE PAUL D, 10662 WOODBURY RD, GARDEN GROVE, CA 92843. This Business is conducted by: AN INDIVIDUAL. This statement was filed with the County Clerk of Los Angeles County on 06/27/2019. The registrant(s) has (have) commenced to transact business under the fictitious business name or names listed above on N/A. NOTICE- This Fictitious Name Statement expires five years from the date it was filed in the office of the County Clerk. Publish: Mountain Views News Dates Pub: JULY 06, 13, 20, 27, 2019

FICTITIOUS BUSINESS NAME STATEMENT File No. 2019-176669

The following person(s) is (are) doing business as: PERFECT PROFESSIONAL, 10813 HOPLAND ST, NORWALK, CA 90650. Full name of registrant(s) is (are) GRISELDA BARRERA, 10813 HOPLAND ST, NORWALK, CA 90650. This Business is conducted by: AN INDIVIDUAL. Signed: GRISELDA BARRERA. This statement was filed with the County Clerk of Los Angeles County on 06/24/2019. The registrant(s) has (have) commenced to transact business under the fictitious business name or names listed above on N/A. NOTICE- This Fictitious Name Statement expires five years from the date it was filed in the office of the County Clerk. Publish: Mountain Views News Dates Pub: JULY 06, 13, 20, 27, 2019

FICTITIOUS BUSINESS NAME STATEMENT File No. 2019-174813

The following person(s) is (are) doing business as: RBC COMPANY, 9628 ALONDRA BLVD, BELLFLOWER, CA 90706. Full name of registrant(s) is (are) RICK BROWN, 9628 ALONDRA BLVD, BELLFLOWER, CA 90706. This Business is conducted by: AN INDIVIDUAL. Signed: RICK BROWN. This statement was filed with the County Clerk of Los Angeles County on 06/21/2019. The registrant(s) has (have) commenced to transact business under the fictitious business name or names listed above on 06/2001. NOTICE- This Fictitious Name Statement expires five years from the date it was filed in the office of the County Clerk. Publish: Mountain Views News Dates Pub: JULY 06, 13, 20, 27, 2019

FICTITIOUS BUSINESS NAME STATEMENT File No. 2019-175238

The following person(s) is (are) doing business as: REDOINGSEC A REAL DEN RECORDS, 8306 WILSHIRE BLVD SUITE 241, BEVERLY HILLS, CA 90211. Full name of registrant(s) is (are) REDOING, LLC, 8306 WILSHIRE BLVD SUITE 241, BEVERLY HILLS, CA 90211. This Business is conducted by: A LIMITED LIABILITY COMPANY. Signed: SAM WHITAKER. This statement was filed with the County Clerk of Los Angeles County on 06/21/2019. The registrant(s) has (have) commenced to transact business under the fictitious business name or names listed above on 11/2017. NOTICE- This Fictitious Name Statement expires five years from the date it was filed in the office of the County Clerk. Publish: Mountain Views News Dates Pub: JULY 06, 13, 20, 27, 2019

FICTITIOUS BUSINESS NAME STATEMENT File No. 2019-175679

The following person(s) is (are) doing business as: SH PHARMACY, 2114 ARTESIA BLVD ROOM #111, REDONDO BEACH, CA 90278. Full name of registrant(s) is (are) PHARMEDQUEST PHARMACY SERVICES, 4727 WILSHIRE BLVD SUITE 200, LOS ANGELES, CA 90010. This Business is conducted by: A CORPORATION. Signed: DUANE SAIKAMI. This statement was filed with the County Clerk of Los Angeles County on 06/21/2019. NOTICE- This Fictitious Name Statement expires five years from the date it was filed in the office of the County Clerk. Publish: Mountain Views News Dates Pub: JULY 06, 13, 20, 27, 2019

FICTITIOUS BUSINESS NAME STATEMENT File No. 2019-177649

The following person(s) is (are) doing business as: SOLMAYRA, 5117 HANCOCK AVE, LOS ANGELES, CA 90031. Full name of registrant(s) is (are) SOLMAYRA ANAHI JACOBO, 5117 HANCOCK AVE, LOS ANGELES, CA 90031. This Business is conducted by: AN INDIVIDUAL. Signed: SOLMAYRA ANAHI JACOBO. This statement was filed with the County Clerk of Los Angeles County on 06/25/2019. NOTICE- This Fictitious Name Statement expires five years from the date it was filed in the office of the County Clerk. Publish: Mountain Views News Dates Pub: JULY 06, 13, 20, 27, 2019

FICTITIOUS BUSINESS NAME STATEMENT File No. 2019-175860

The following person(s) is (are) doing business as: SYSTEMS TECH PROTECTION, 10700 ALAMEDA STREET, LYNWOOD, CA 90262. Full name of registrant(s) is (are) CARYON JAY DAWES, 10700 ALAMEDA STREET, LYNWOOD, CA 90262. This Business is conducted by: AN INDIVIDUAL. Signed: CARYON JAY DAWES. This statement was filed with the County Clerk of Los Angeles County on 06/21/2019. Publish: Mountain Views News Dates Pub: JULY 06, 13, 20, 27, 2019

FICTITIOUS BUSINESS NAME STATEMENT File No. 2019-176027

The following person(s) is (are) doing business as: THE DAILY BREW, 2000 ARTESIA BLVD UNIT 1, LONG BEACH, CA 90805. Full name of registrant(s) is (are) BRITTANY L. ALAS, 1600 W. 147TH ST UNIT 3, LONG BEACH, CA 90805. This Business is conducted by: AN INDIVIDUAL. Signed: BRITTANY L. ALAS.

Mountain Views News 80 W Sierra Madre Blvd. No. 327 Sierra Madre, Ca. 91024 Office: 626.355.2737 Fax: 626.609.3285 Email: editor@mtnviewsnews.com Website: www.mtnviewsnews.com
